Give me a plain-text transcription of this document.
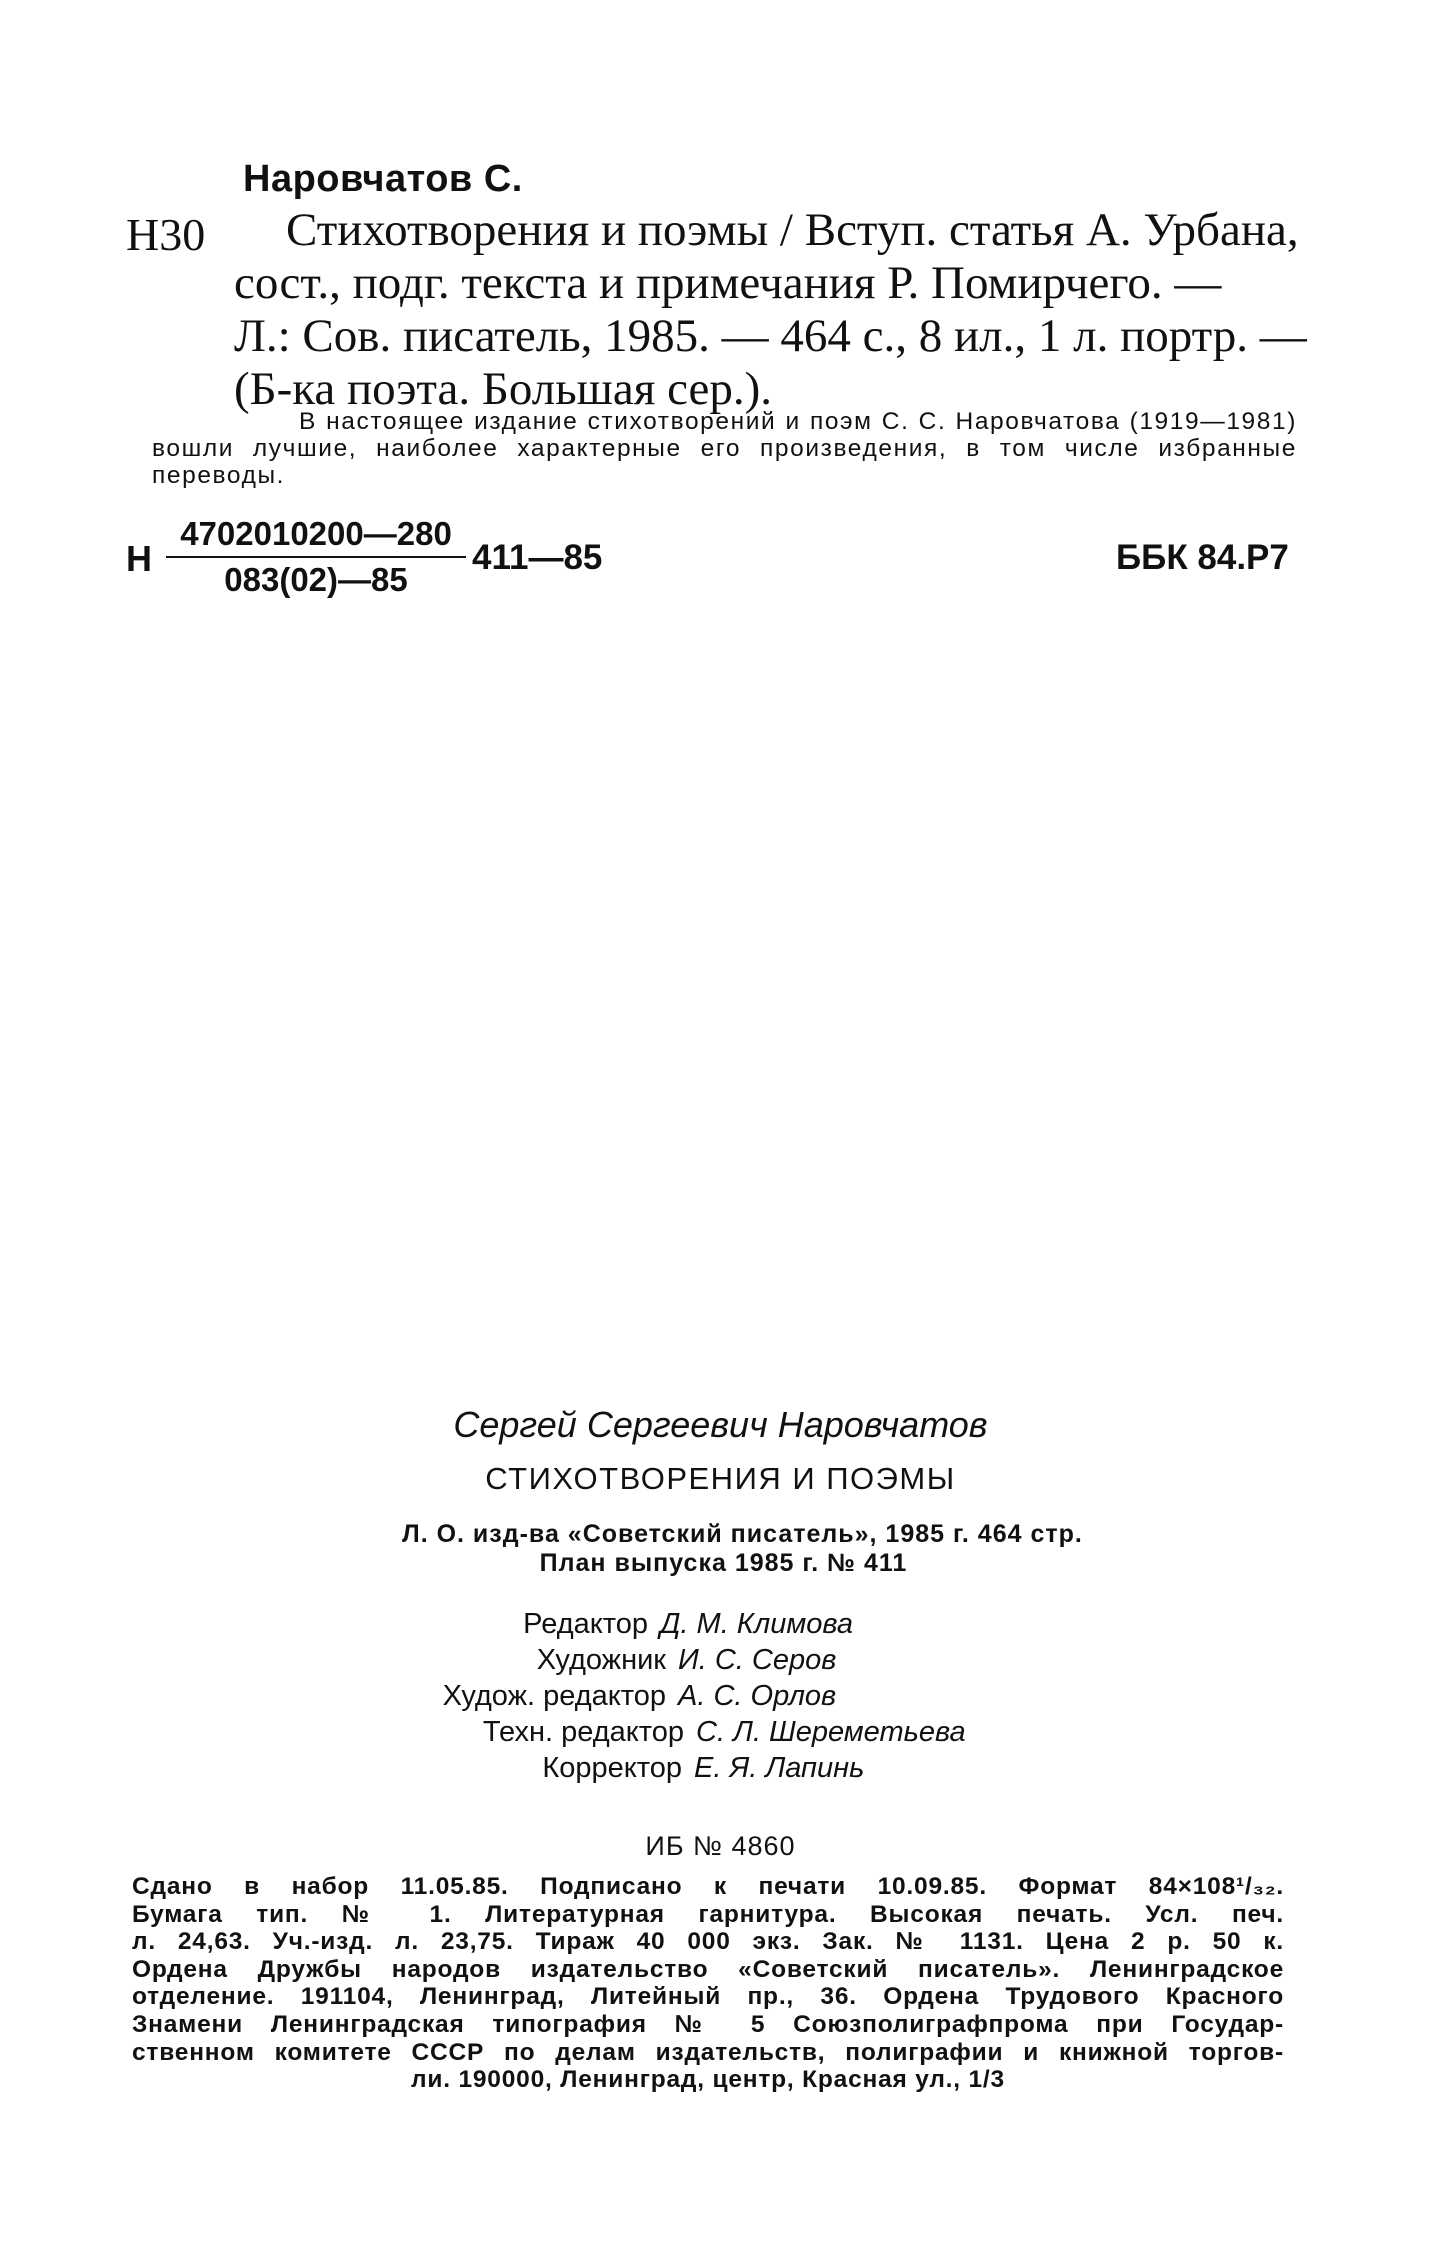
Наровчатов С.
Н30 Стихотворения и поэмы / Вступ. статья А. Урбана,
сост., подг. текста и примечания Р. Помирчего. —
Л.: Сов. писатель, 1985. — 464 с., 8 ил., 1 л. портр. —
(Б-ка поэта. Большая сер.).
В настоящее издание стихотворений и поэм С. С. Наровчатова (1919—1981) вошли лучшие, наиболее характерные его произведения, в том числе избранные переводы.
Н
4702010200—280
083(02)—85
411—85	ББК 84.Р7
Сергей Сергеевич Наровчатов
СТИХОТВОРЕНИЯ И ПОЭМЫ
Л. О. изд-ва «Советский писатель», 1985 г. 464 стр.
План выпуска 1985 г. № 411
Редактор Д. М. Климова
Художник И. С. Серов
Худож. редактор А. С. Орлов
Техн. редактор С. Л. Шереметьева
Корректор Е. Я. Лапинь
ИБ № 4860
Сдано в набор 11.05.85. Подписано к печати 10.09.85. Формат 84×108¹/₃₂.
Бумага тип. № 1. Литературная гарнитура. Высокая печать. Усл. печ.
л. 24,63. Уч.-изд. л. 23,75. Тираж 40 000 экз. Зак. № 1131. Цена 2 р. 50 к.
Ордена Дружбы народов издательство «Советский писатель». Ленинградское
отделение. 191104, Ленинград, Литейный пр., 36. Ордена Трудового Красного
Знамени Ленинградская типография № 5 Союзполиграфпрома при Государ-
ственном комитете СССР по делам издательств, полиграфии и книжной торгов-
ли. 190000, Ленинград, центр, Красная ул., 1/3
